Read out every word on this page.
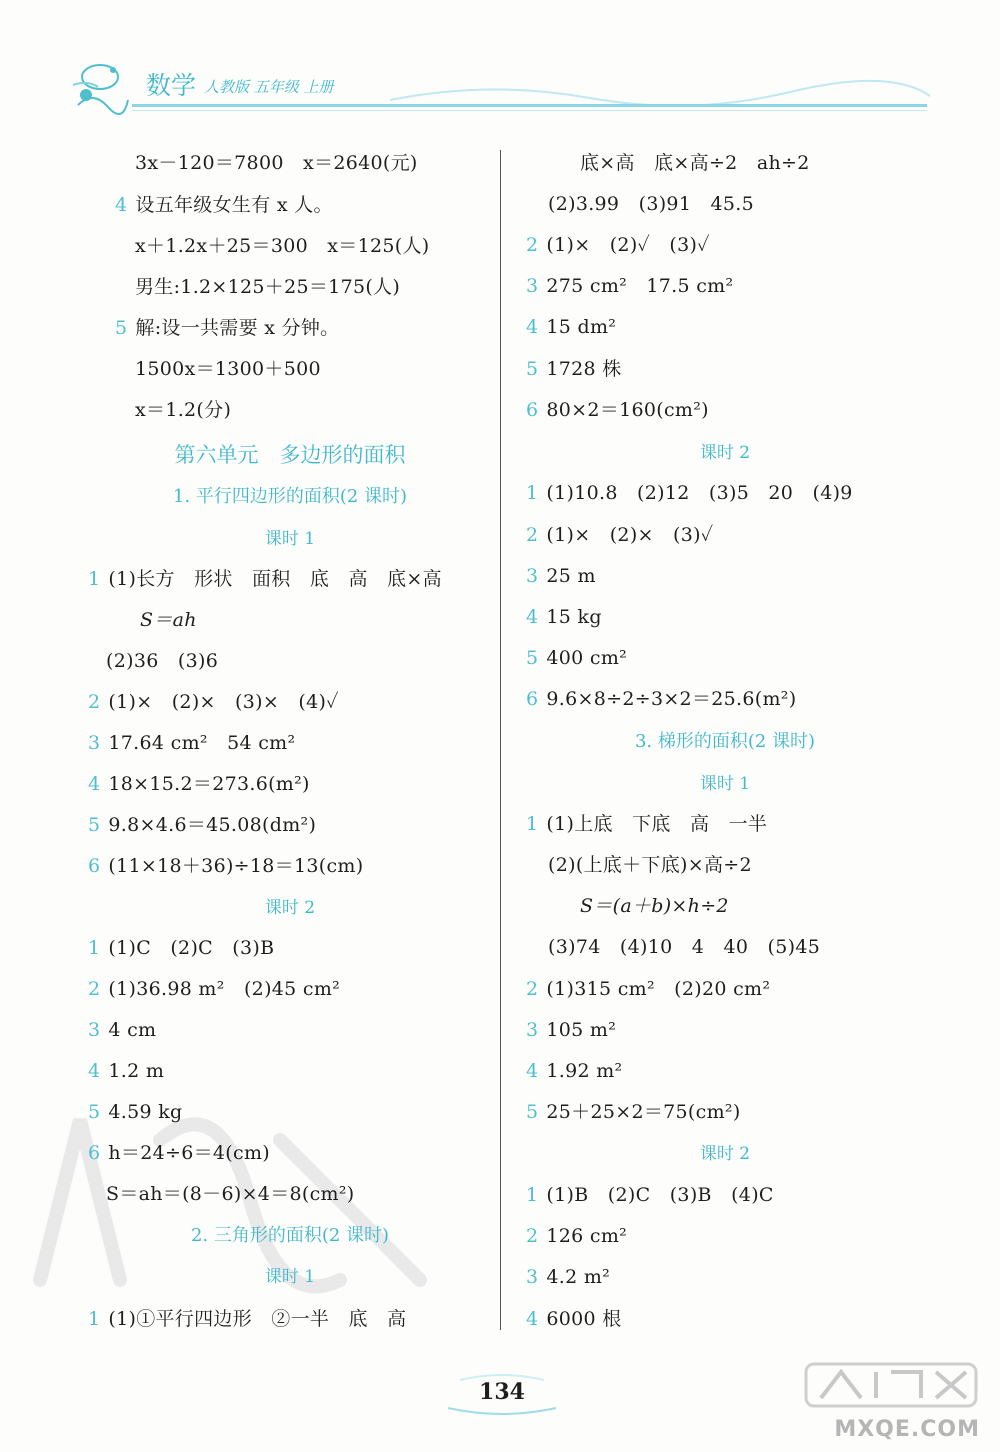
数学 人教版 五年级 上册
3x－120＝7800　x＝2640(元)
4 设五年级女生有 x 人。
x＋1.2x＋25＝300　x＝125(人)
男生:1.2×125＋25＝175(人)
5 解:设一共需要 x 分钟。
1500x＝1300＋500
x＝1.2(分)
第六单元　多边形的面积
1. 平行四边形的面积(2 课时)
课时 1
1 (1)长方　形状　面积　底　高　底×高
S＝ah
(2)36　(3)6
2 (1)×　(2)×　(3)×　(4)✓
3 17.64 cm²　54 cm²
4 18×15.2＝273.6(m²)
5 9.8×4.6＝45.08(dm²)
6 (11×18＋36)÷18＝13(cm)
课时 2
1 (1)C　(2)C　(3)B
2 (1)36.98 m²　(2)45 cm²
3 4 cm
4 1.2 m
5 4.59 kg
6 h＝24÷6＝4(cm)
S＝ah＝(8－6)×4＝8(cm²)
2. 三角形的面积(2 课时)
课时 1
1 (1)①平行四边形　②一半　底　高
底×高　底×高÷2　ah÷2
(2)3.99　(3)91　45.5
2 (1)×　(2)✓　(3)✓
3 275 cm²　17.5 cm²
4 15 dm²
5 1728 株
6 80×2＝160(cm²)
课时 2
1 (1)10.8　(2)12　(3)5　20　(4)9
2 (1)×　(2)×　(3)✓
3 25 m
4 15 kg
5 400 cm²
6 9.6×8÷2÷3×2＝25.6(m²)
3. 梯形的面积(2 课时)
课时 1
1 (1)上底　下底　高　一半
(2)(上底＋下底)×高÷2
S＝(a＋b)×h÷2
(3)74　(4)10　4　40　(5)45
2 (1)315 cm²　(2)20 cm²
3 105 m²
4 1.92 m²
5 25＋25×2＝75(cm²)
课时 2
1 (1)B　(2)C　(3)B　(4)C
2 126 cm²
3 4.2 m²
4 6000 根
134
MXQE.COM
